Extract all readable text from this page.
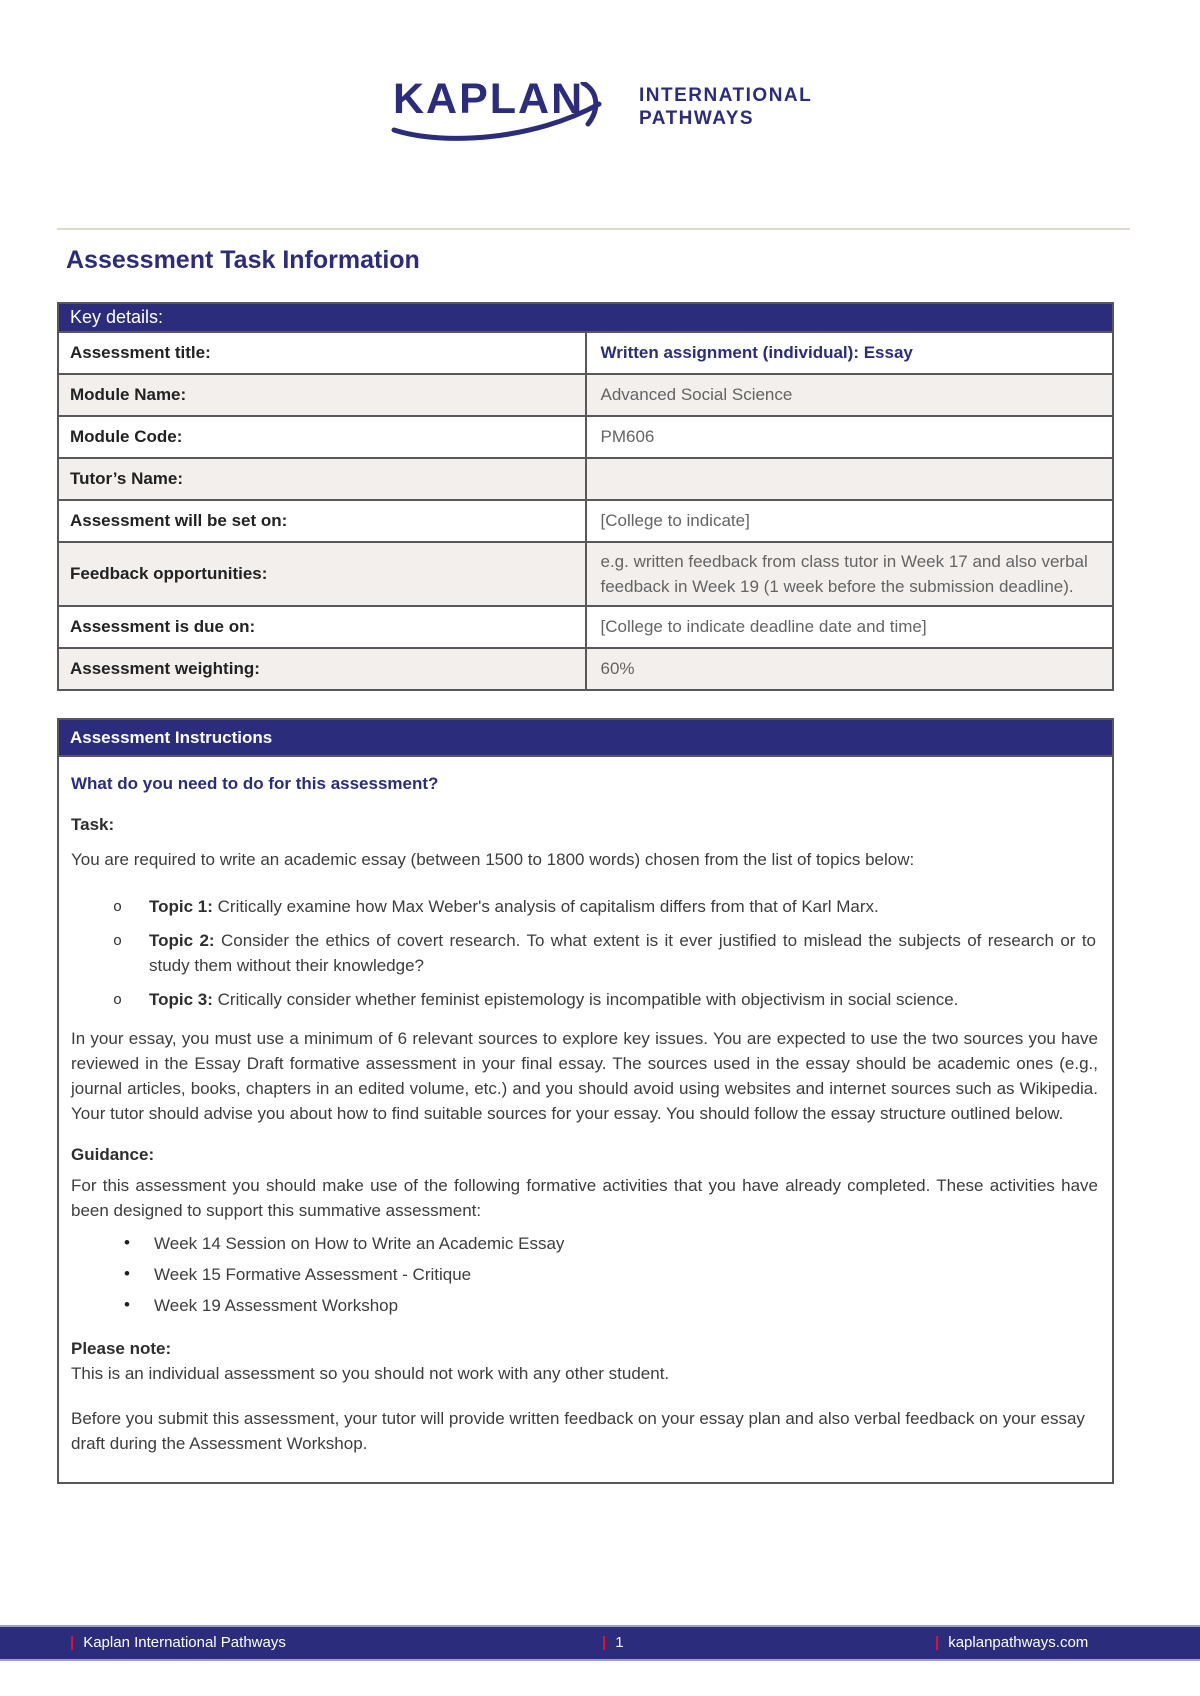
KAPLAN	INTERNATIONAL
PATHWAYS
Assessment Task Information
Key details:	
Assessment title:	Written assignment (individual): Essay
Module Name:	Advanced Social Science
Module Code:	PM606
Tutor’s Name:	
Assessment will be set on:	[College to indicate]
Feedback opportunities:	e.g. written feedback from class tutor in Week 17 and also verbal feedback in Week 19 (1 week before the submission deadline).

Assessment is due on:	[College to indicate deadline date and time]
Assessment weighting:	60%
Assessment Instructions

What do you need to do for this assessment?

Task:

You are required to write an academic essay (between 1500 to 1800 words) chosen from the list of topics below:

o Topic 1: Critically examine how Max Weber's analysis of capitalism differs from that of Karl Marx.
o Topic 2: Consider the ethics of covert research. To what extent is it ever justified to mislead the subjects of research or to study them without their knowledge?
o Topic 3: Critically consider whether feminist epistemology is incompatible with objectivism in social science.

In your essay, you must use a minimum of 6 relevant sources to explore key issues. You are expected to use the two sources you have reviewed in the Essay Draft formative assessment in your final essay. The sources used in the essay should be academic ones (e.g., journal articles, books, chapters in an edited volume, etc.) and you should avoid using websites and internet sources such as Wikipedia. Your tutor should advise you about how to find suitable sources for your essay. You should follow the essay structure outlined below.

Guidance:

For this assessment you should make use of the following formative activities that you have already completed. These activities have been designed to support this summative assessment:

• Week 14 Session on How to Write an Academic Essay
• Week 15 Formative Assessment - Critique
• Week 19 Assessment Workshop

Please note:

This is an individual assessment so you should not work with any other student.

Before you submit this assessment, your tutor will provide written feedback on your essay plan and also verbal feedback on your essay draft during the Assessment Workshop.

| Kaplan International Pathways	| 1	| kaplanpathways.com
